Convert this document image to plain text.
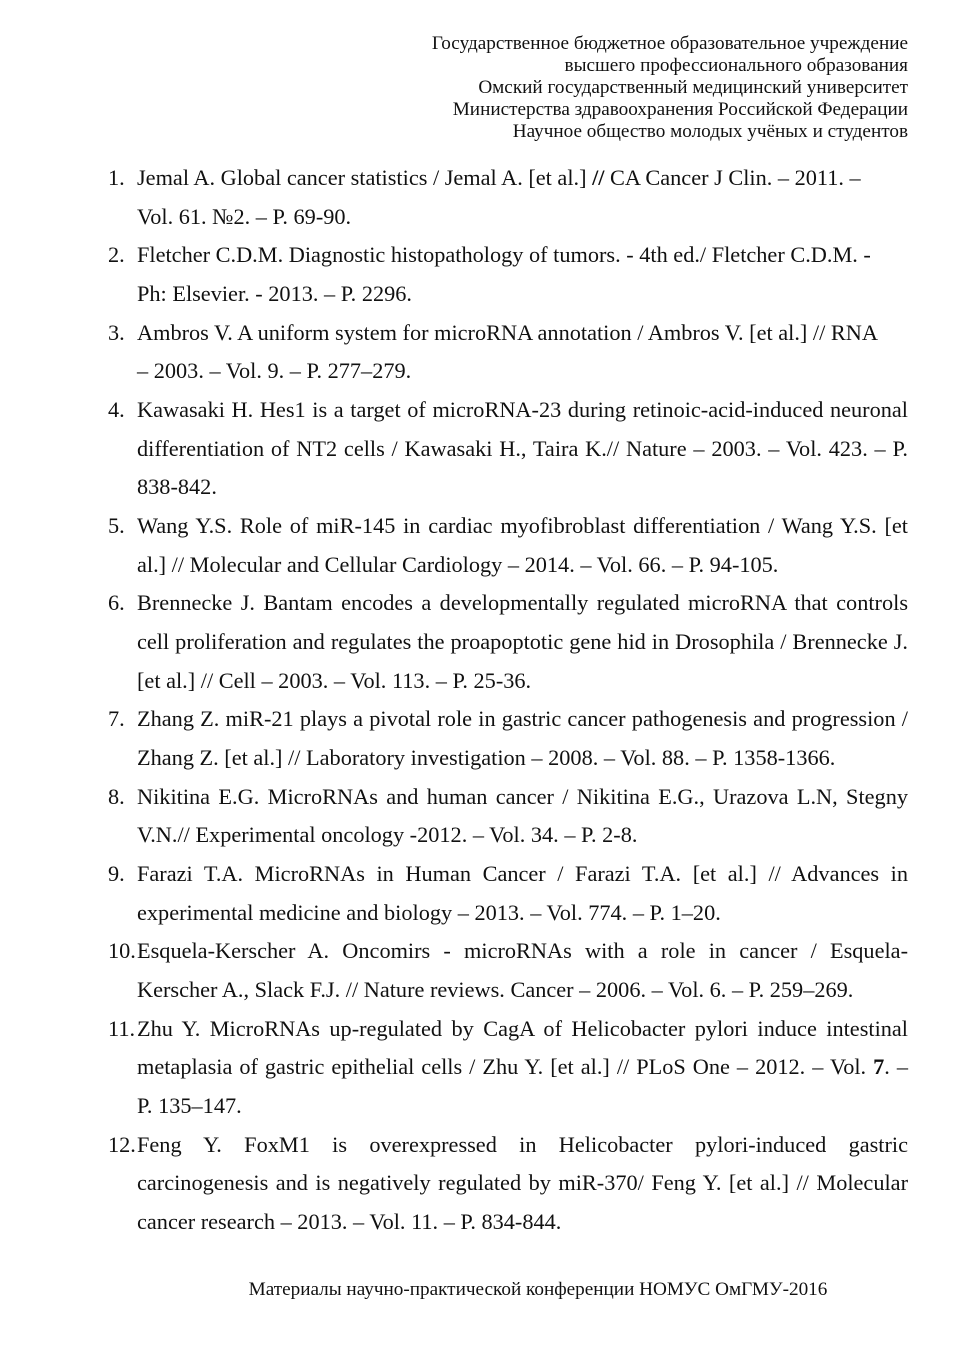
Государственное бюджетное образовательное учреждение
высшего профессионального образования
Омский государственный медицинский университет
Министерства здравоохранения Российской Федерации
Научное общество молодых учёных и студентов
1. Jemal A. Global cancer statistics / Jemal A. [et al.] // CA Cancer J Clin. – 2011. –
Vol. 61. №2. – P. 69-90.
2. Fletcher C.D.M. Diagnostic histopathology of tumors. - 4th ed./ Fletcher C.D.M. -
Ph: Elsevier. - 2013. – P. 2296.
3. Ambros V. A uniform system for microRNA annotation / Ambros V. [et al.] // RNA
– 2003. – Vol. 9. – P. 277–279.
4. Kawasaki H. Hes1 is a target of microRNA-23 during retinoic-acid-induced neuronal
differentiation of NT2 cells / Kawasaki H., Taira K.// Nature – 2003. – Vol. 423. – P.
838-842.
5. Wang Y.S. Role of miR-145 in cardiac myofibroblast differentiation / Wang Y.S. [et
al.] // Molecular and Cellular Cardiology – 2014. – Vol. 66. – P. 94-105.
6. Brennecke J. Bantam encodes a developmentally regulated microRNA that controls
cell proliferation and regulates the proapoptotic gene hid in Drosophila / Brennecke J.
[et al.] // Cell – 2003. – Vol. 113. – P. 25-36.
7. Zhang Z. miR-21 plays a pivotal role in gastric cancer pathogenesis and progression /
Zhang Z. [et al.] // Laboratory investigation – 2008. – Vol. 88. – P. 1358-1366.
8. Nikitina E.G. MicroRNAs and human cancer / Nikitina E.G., Urazova L.N, Stegny
V.N.// Experimental oncology -2012. – Vol. 34. – P. 2-8.
9. Farazi T.A. MicroRNAs in Human Cancer / Farazi T.A. [et al.] // Advances in
experimental medicine and biology – 2013. – Vol. 774. – P. 1–20.
10. Esquela-Kerscher A. Oncomirs - microRNAs with a role in cancer / Esquela-
Kerscher A., Slack F.J. // Nature reviews. Cancer – 2006. – Vol. 6. – P. 259–269.
11. Zhu Y. MicroRNAs up-regulated by CagA of Helicobacter pylori induce intestinal
metaplasia of gastric epithelial cells / Zhu Y. [et al.] // PLoS One – 2012. – Vol. 7. –
P. 135–147.
12. Feng Y. FoxM1 is overexpressed in Helicobacter pylori-induced gastric
carcinogenesis and is negatively regulated by miR-370/ Feng Y. [et al.] // Molecular
cancer research – 2013. – Vol. 11. – P. 834-844.
Материалы научно-практической конференции НОМУС ОмГМУ-2016
